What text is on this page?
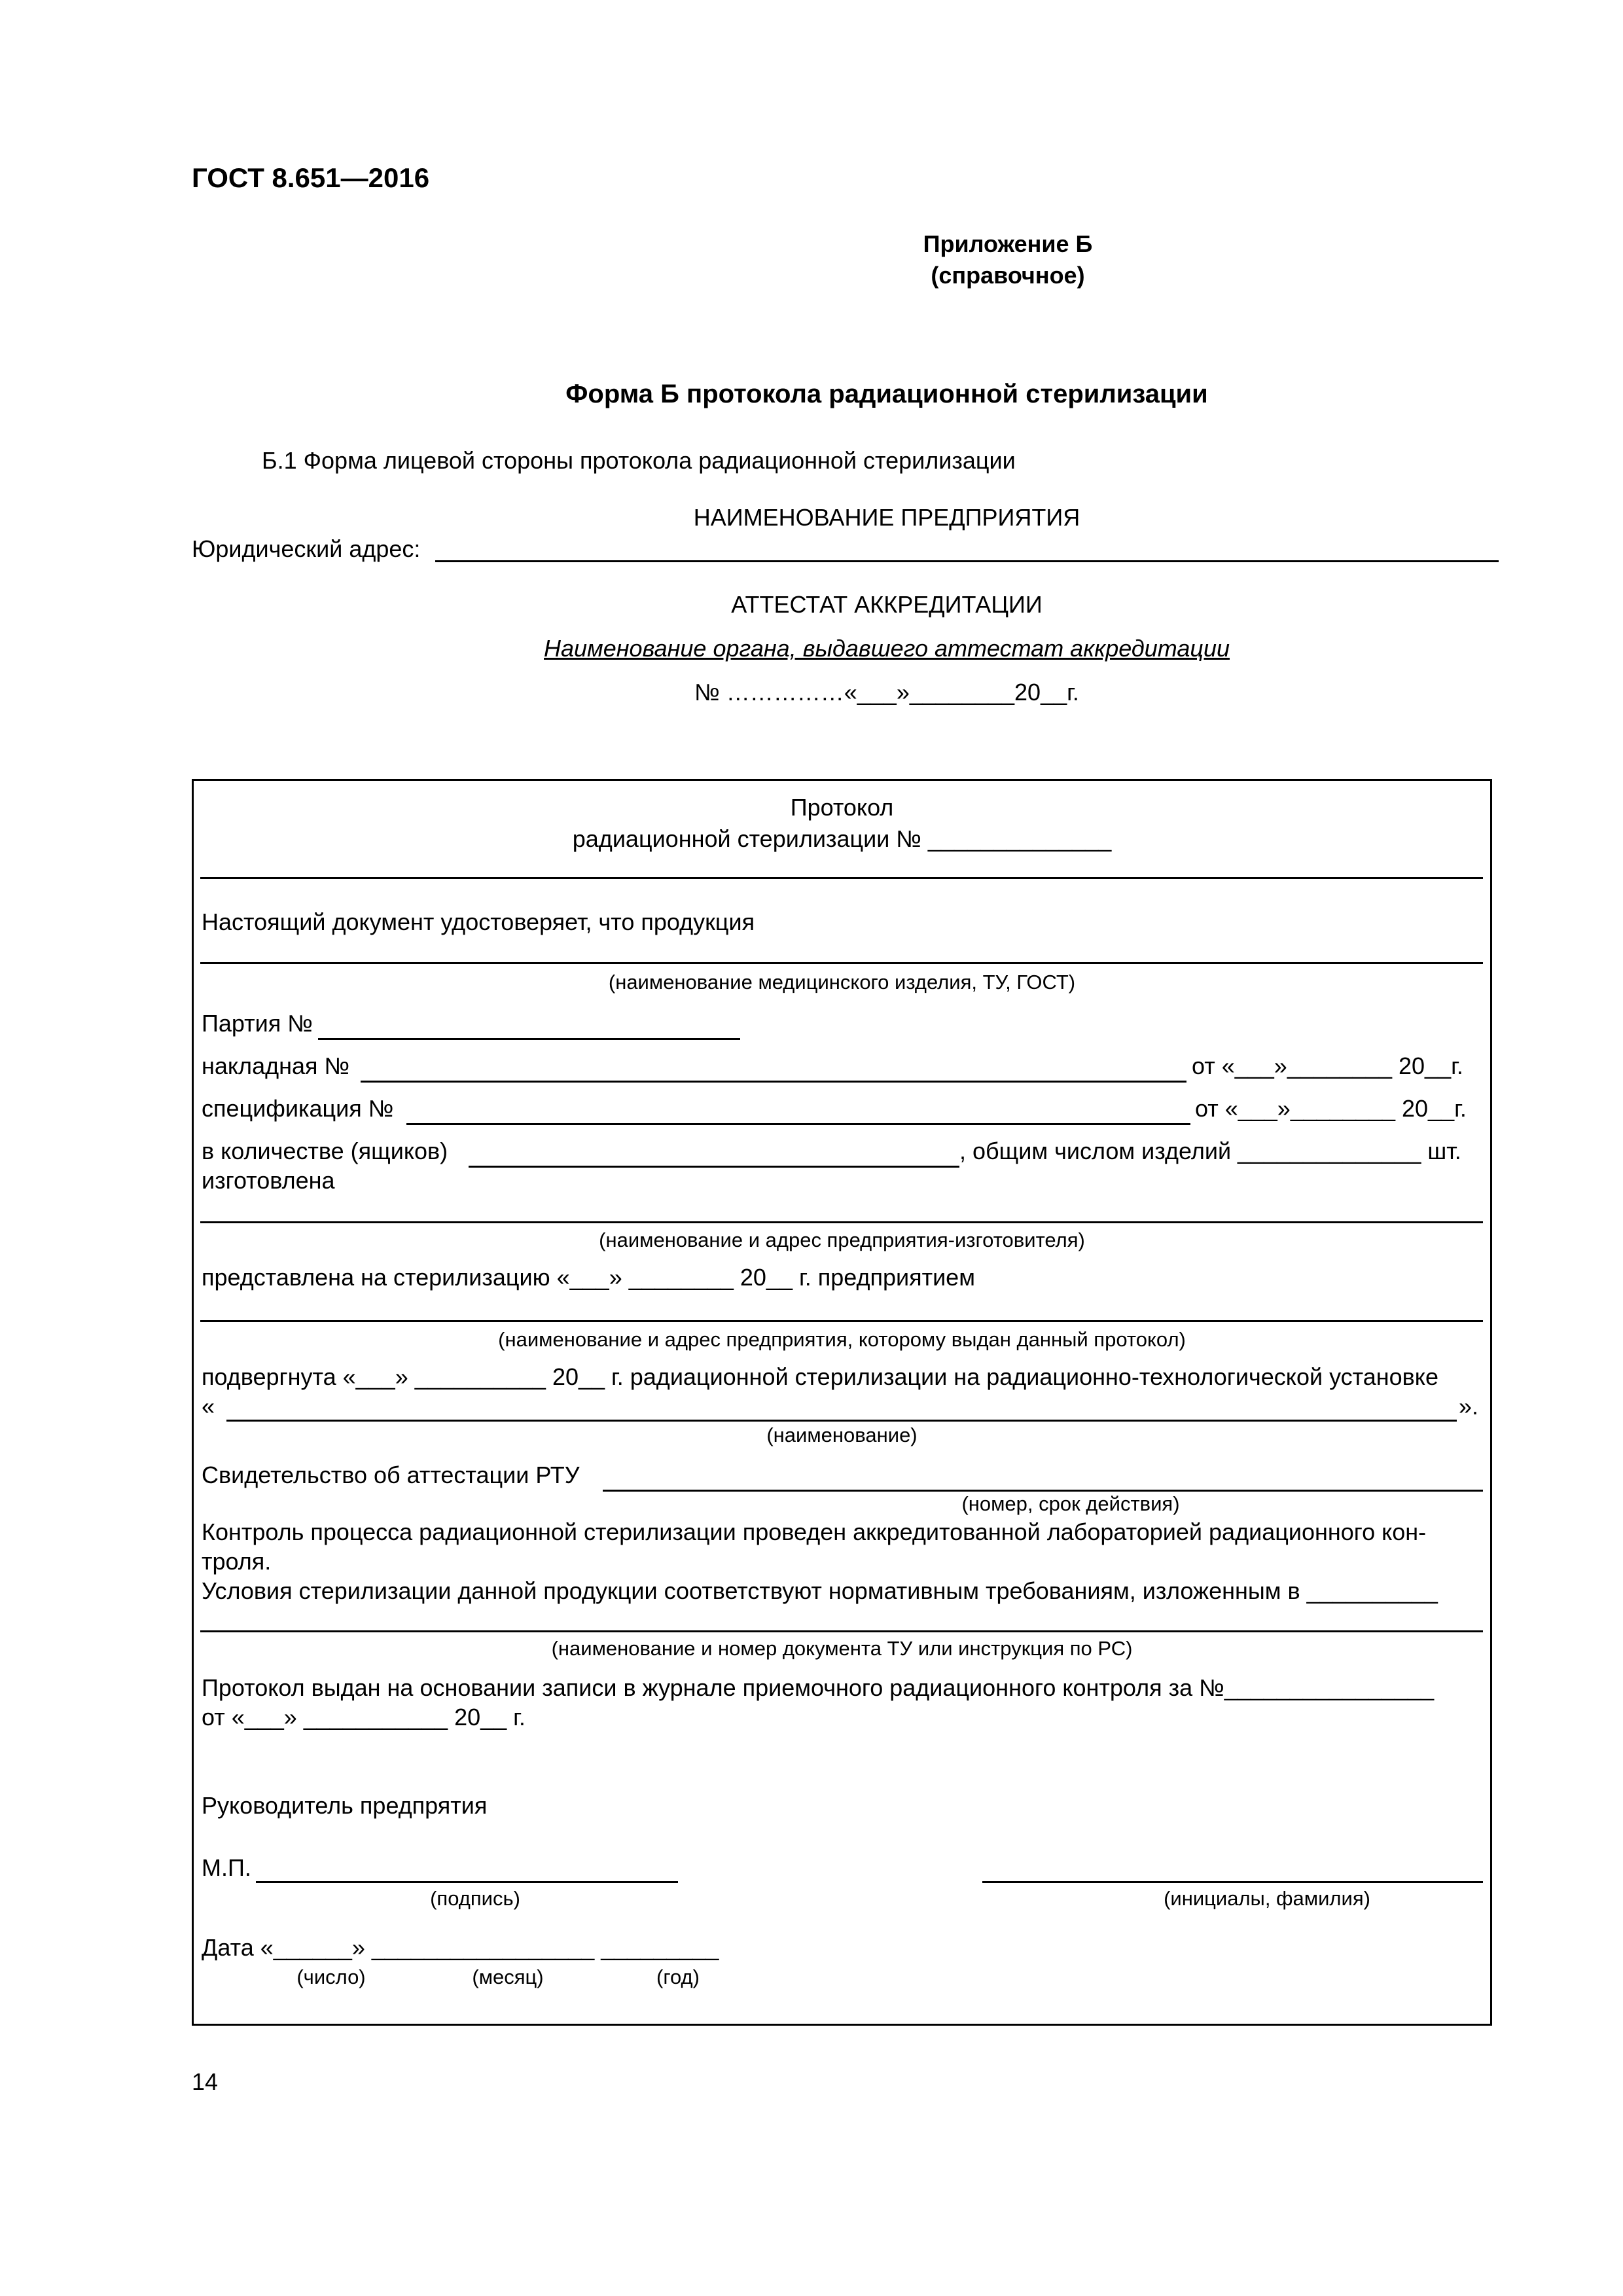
ГОСТ 8.651—2016

Приложение Б

(справочное)

Форма Б протокола радиационной стерилизации

Б.1 Форма лицевой стороны протокола радиационной стерилизации

НАИМЕНОВАНИЕ ПРЕДПРИЯТИЯ

Юридический адрес:

АТТЕСТАТ АККРЕДИТАЦИИ

Наименование органа, выдавшего аттестат аккредитации

№ ……………«___»________20__г.

Протокол

радиационной стерилизации № ______________

Настоящий документ удостоверяет, что продукция

(наименование медицинского изделия, ТУ, ГОСТ)

Партия №

накладная №	от «___»________ 20__г.

спецификация №	от «___»________ 20__г.

в количестве (ящиков)	, общим числом изделий ______________ шт.

изготовлена

(наименование и адрес предприятия-изготовителя)

представлена на стерилизацию «___» ________ 20__ г. предприятием

(наименование и адрес предприятия, которому выдан данный протокол)

подвергнута «___» __________ 20__ г. радиационной стерилизации на радиационно-технологической установке

«	».

(наименование)

Свидетельство об аттестации РТУ

(номер, срок действия)

Контроль процесса радиационной стерилизации проведен аккредитованной лабораторией радиационного кон-

троля.

Условия стерилизации данной продукции соответствуют нормативным требованиям, изложенным в __________

(наименование и номер документа ТУ или инструкция по РС)

Протокол выдан на основании записи в журнале приемочного радиационного контроля за №________________

от «___» ___________ 20__ г.

Руководитель предпрятия

М.П.

(подпись)	(инициалы, фамилия)

Дата «______» _________________ _________

(число)	(месяц)	(год)

14
